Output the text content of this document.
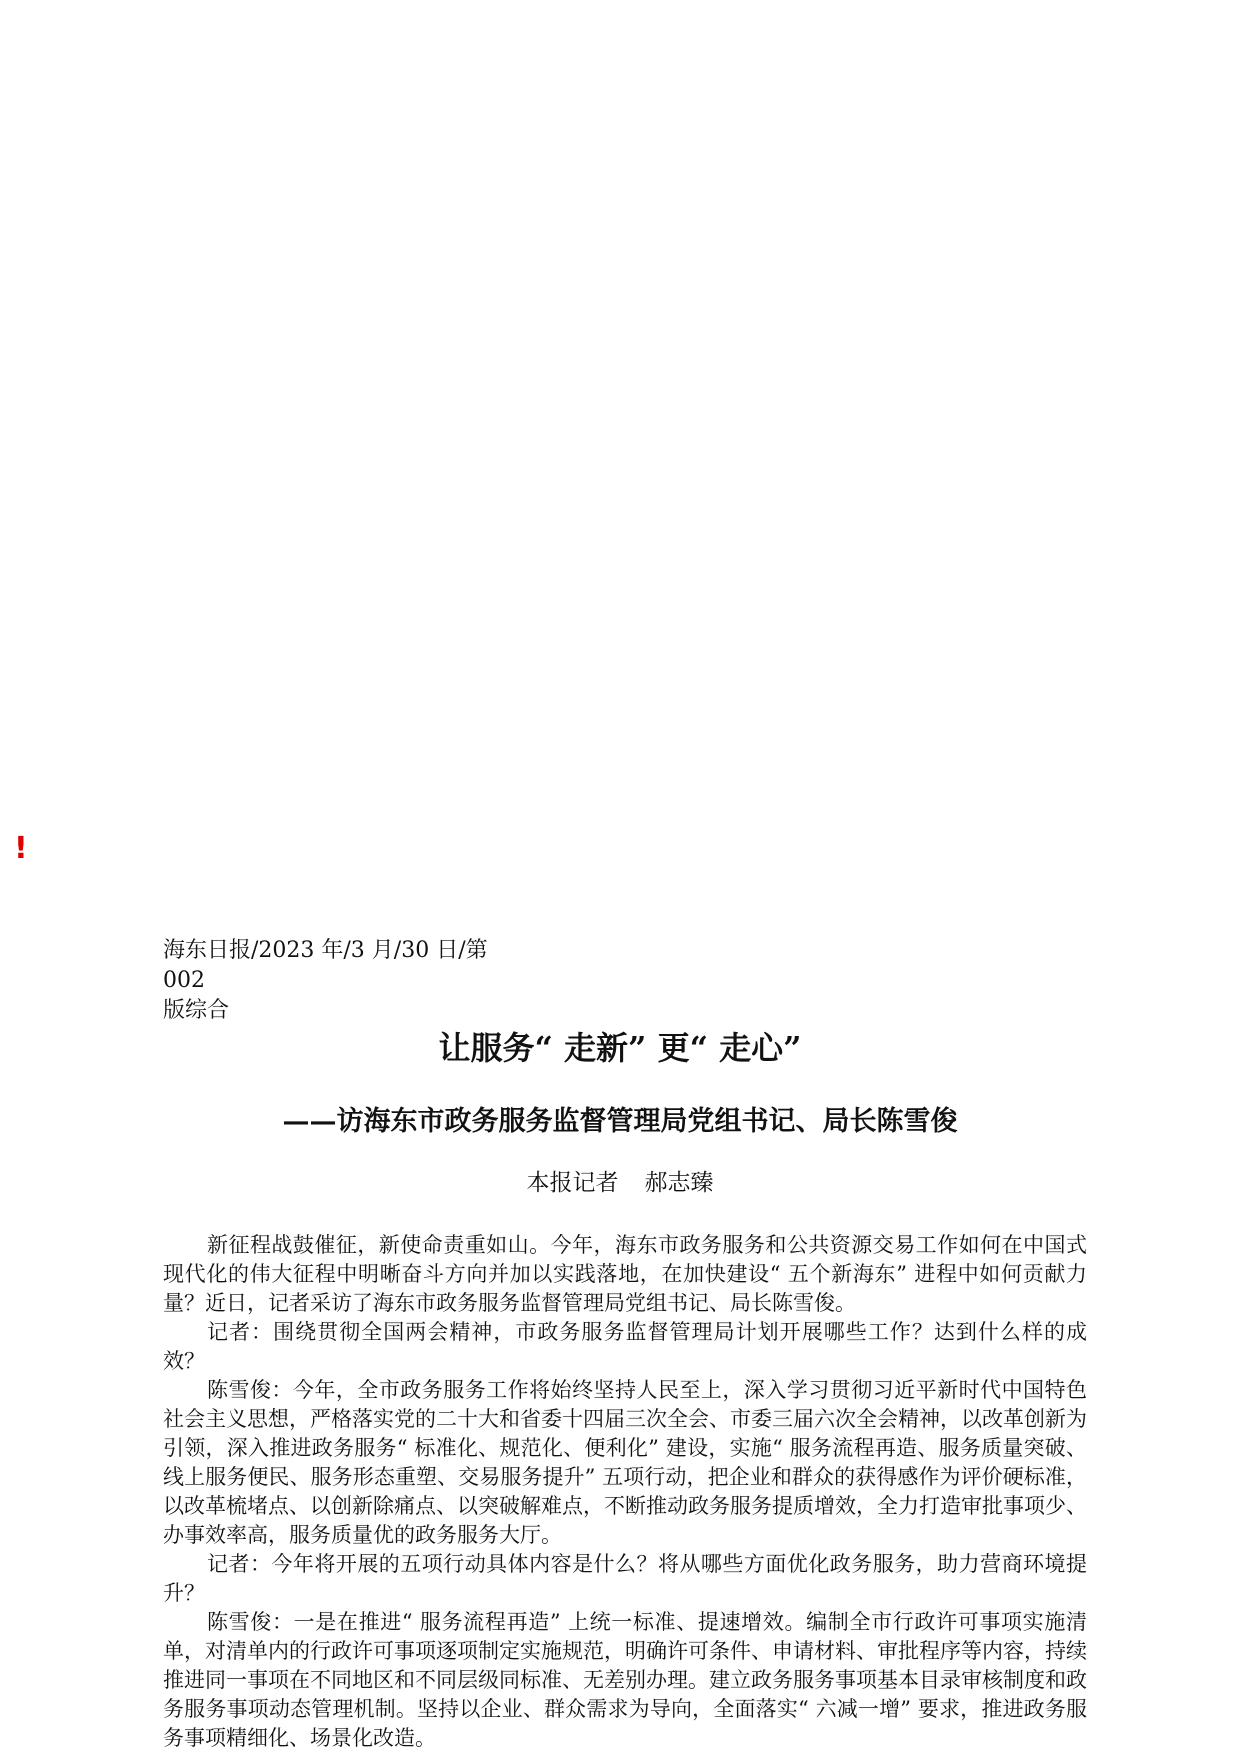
!
海东日报/2023 年/3 月/30 日/第 002
版综合
让服务“ 走新” 更“ 走心”
——访海东市政务服务监督管理局党组书记、局长陈雪俊
本报记者 郝志臻

新征程战鼓催征，新使命责重如山。今年，海东市政务服务和公共资源交易工作如何在中国式现代化的伟大征程中明晰奋斗方向并加以实践落地，在加快建设“ 五个新海东” 进程中如何贡献力量？近日，记者采访了海东市政务服务监督管理局党组书记、局长陈雪俊。

记者：围绕贯彻全国两会精神，市政务服务监督管理局计划开展哪些工作？达到什么样的成效？

陈雪俊：今年，全市政务服务工作将始终坚持人民至上，深入学习贯彻习近平新时代中国特色社会主义思想，严格落实党的二十大和省委十四届三次全会、市委三届六次全会精神，以改革创新为引领，深入推进政务服务“ 标准化、规范化、便利化” 建设，实施“ 服务流程再造、服务质量突破、线上服务便民、服务形态重塑、交易服务提升” 五项行动，把企业和群众的获得感作为评价硬标准，以改革梳堵点、以创新除痛点、以突破解难点，不断推动政务服务提质增效，全力打造审批事项少、办事效率高，服务质量优的政务服务大厅。

记者：今年将开展的五项行动具体内容是什么？将从哪些方面优化政务服务，助力营商环境提升？

陈雪俊：一是在推进“ 服务流程再造” 上统一标准、提速增效。编制全市行政许可事项实施清单，对清单内的行政许可事项逐项制定实施规范，明确许可条件、申请材料、审批程序等内容，持续推进同一事项在不同地区和不同层级同标准、无差别办理。建立政务服务事项基本目录审核制度和政务服务事项动态管理机制。坚持以企业、群众需求为导向，全面落实“ 六减一增” 要求，推进政务服务事项精细化、场景化改造。
